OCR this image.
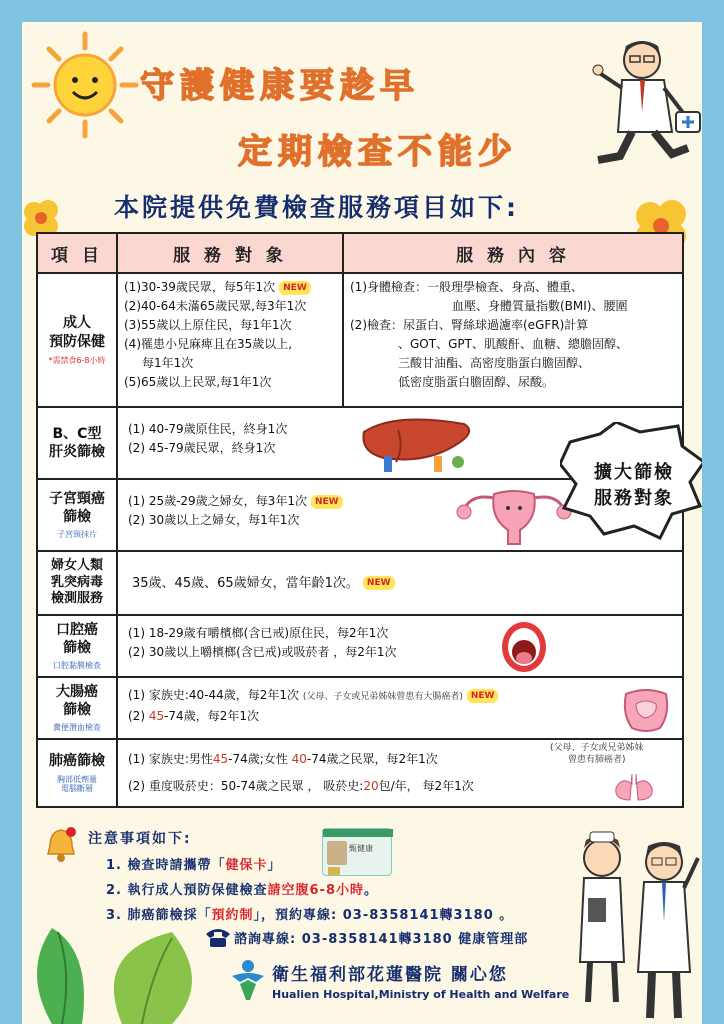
守護健康要趁早
定期檢查不能少
本院提供免費檢查服務項目如下:
項 目	服 務 對 象	服 務 內 容
成人
預防保健
*需禁食6-8小時
(1)30-39歲民眾，每5年1次 NEW
(2)40-64未滿65歲民眾,每3年1次
(3)55歲以上原住民，每1年1次
(4)罹患小兒麻痺且在35歲以上,
每1年1次
(5)65歲以上民眾,每1年1次
(1)身體檢查：一般理學檢查、身高、體重、
血壓、身體質量指數(BMI)、腰圍
(2)檢查：尿蛋白、腎絲球過濾率(eGFR)計算
、GOT、GPT、肌酸酐、血糖、總膽固醇、
三酸甘油酯、高密度脂蛋白膽固醇、
低密度脂蛋白膽固醇、尿酸。
B、C型
肝炎篩檢
(1) 40-79歲原住民，終身1次
(2) 45-79歲民眾，終身1次
子宮頸癌
篩檢
子宮頸抹片
(1) 25歲-29歲之婦女，每3年1次 NEW
(2) 30歲以上之婦女，每1年1次
婦女人類
乳突病毒
檢測服務
35歲、45歲、65歲婦女，當年齡1次。 NEW
口腔癌
篩檢
口腔黏膜檢查
(1) 18-29歲有嚼檳榔(含已戒)原住民，每2年1次
(2) 30歲以上嚼檳榔(含已戒)或吸菸者 ，每2年1次
大腸癌
篩檢
糞便潛血檢查
(1) 家族史:40-44歲，每2年1次 (父母、子女或兄弟姊妹曾患有大腸癌者) NEW
(2) 45-74歲，每2年1次
肺癌篩檢
胸部低劑量
電腦斷層
(1) 家族史:男性45-74歲;女性 40-74歲之民眾，每2年1次
(2) 重度吸菸史：50-74歲之民眾 ， 吸菸史:20包/年， 每2年1次
(父母、子女或兄弟姊妹
曾患有肺癌者)
擴大篩檢
服務對象
注意事項如下:
1. 檢查時請攜帶「健保卡」
2. 執行成人預防保健檢查請空腹6-8小時。
3. 肺癌篩檢採「預約制」，預約專線: 03-8358141轉3180 。
甄健康
諮詢專線: 03-8358141轉3180 健康管理部
衛生福利部花蓮醫院 關心您
Hualien Hospital,Ministry of Health and Welfare
